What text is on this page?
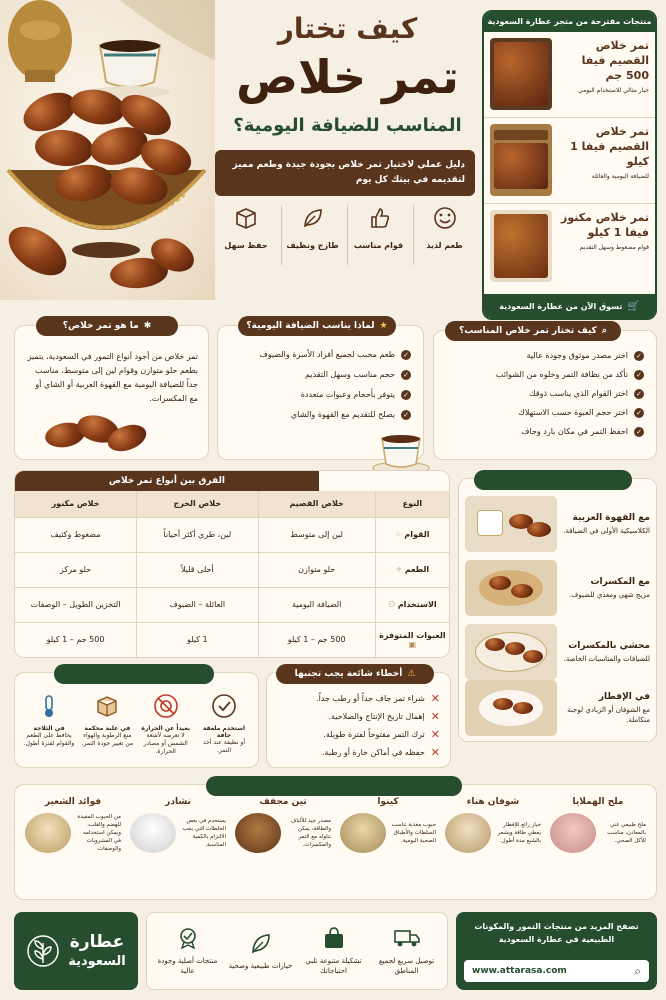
كيف تختار
تمر خلاص
المناسب للضيافة اليومية؟
دليل عملي لاختيار تمر خلاص بجودة جيدة وطعم مميز لتقديمه في بيتك كل يوم
طعم لذيذ
قوام مناسب
طازج ونظيف
حفظ سهل
منتجات مقترحة من متجر عطارة السعودية
تمر خلاص القصيم فيفا 500 جم
خيار مثالي للاستخدام اليومي
تمر خلاص القصيم فيفا 1 كيلو
للضيافة اليومية والعائلة
تمر خلاص مكنوز فيفا 1 كيلو
قوام مضغوط وسهل التقديم
🛒
تسوق الآن من عطارة السعودية
✓
اختر مصدر موثوق وجودة عالية
✓
تأكد من نظافة التمر وخلوه من الشوائب
✓
اختر القوام الذي يناسب ذوقك
✓
اختر حجم العبوة حسب الاستهلاك
✓
احفظ التمر في مكان بارد وجاف
⌕
كيف تختار تمر خلاص المناسب؟
✓
طعم محبب لجميع أفراد الأسرة والضيوف
✓
حجم مناسب وسهل التقديم
✓
يتوفر بأحجام وعبوات متعددة
✓
يصلح للتقديم مع القهوة والشاي
★
لماذا يناسب الضيافة اليومية؟
تمر خلاص من أجود أنواع التمور في السعودية، يتميز بطعم حلو متوازن وقوام لين إلى متوسط، مناسب جداً للضيافة اليومية مع القهوة العربية أو الشاي أو مع المكسرات.
✱
ما هو تمر خلاص؟
الفرق بين أنواع تمر خلاص
النوع	خلاص القصيم	خلاص الخرج	خلاص مكنوز
القوام ⁘	لين إلى متوسط	لين، طري أكثر أحياناً	مضغوط وكثيف
الطعم ✧	حلو متوازن	أحلى قليلاً	حلو مركز
الاستخدام ⚇	الضيافة اليومية	العائلة – الضيوف	التخزين الطويل – الوصفات
العبوات المتوفرة ▣	500 جم – 1 كيلو	1 كيلو	500 جم – 1 كيلو
مع القهوة العربية
الكلاسيكية الأولى في الضيافة.
مع المكسرات
مزيج شهي ومغذي للضيوف.
محشي بالمكسرات
للضيافات والمناسبات الخاصة.
في الإفطار
مع الشوفان أو الزبادي لوجبة متكاملة.
❦
أفكار لتقديم تمر خلاص
✕
شراء تمر جاف جداً أو رطب جداً.
✕
إهمال تاريخ الإنتاج والصلاحية.
✕
ترك التمر مفتوحاً لفترة طويلة.
✕
حفظه في أماكن حارة أو رطبة.
⚠
أخطاء شائعة يجب تجنبها
استخدم ملعقة جافة
أو نظيفة عند أخذ التمر.
بعيداً عن الحرارة
لا تعرضه لأشعة الشمس أو مصادر الحرارة.
في علبة محكمة
منع الرطوبة والهواء من تغيير جودة التمر.
في الثلاجة
يحافظ على الطعم والقوام لفترة أطول.
⛨
نصائح لحفظ تمر خلاص
ملح الهملايا
ملح طبيعي غني بالمعادن، مناسب للأكل الصحي.
شوفان هناء
خيار رائع للإفطار يعطي طاقة ويشعر بالشبع مدة أطول.
كينوا
حبوب مغذية تناسب السلطات والأطباق الصحية اليومية.
تين مجفف
مصدر جيد للألياف والطاقة، يمكن تناوله مع التمر والمكسرات.
نشادر
يستخدم في بعض الخلطات التي يجب الالتزام بالكمية المناسبة.
فوائد الشعير
من الحبوب المفيدة للهضم والقلب، ويمكن استخدامه في المشروبات والوصفات.
منتجات غذائية ومكونات مرتبطة بأسلوب الحياة اليومية
تصفح المزيد من منتجات التمور والمكونات الطبيعية في عطارة السعودية
www.attarasa.com	⌕
توصيل سريع لجميع المناطق
تشكيلة متنوعة تلبي احتياجاتك
خيارات طبيعية وصحية
منتجات أصلية وجودة عالية
عطارة
السعودية
